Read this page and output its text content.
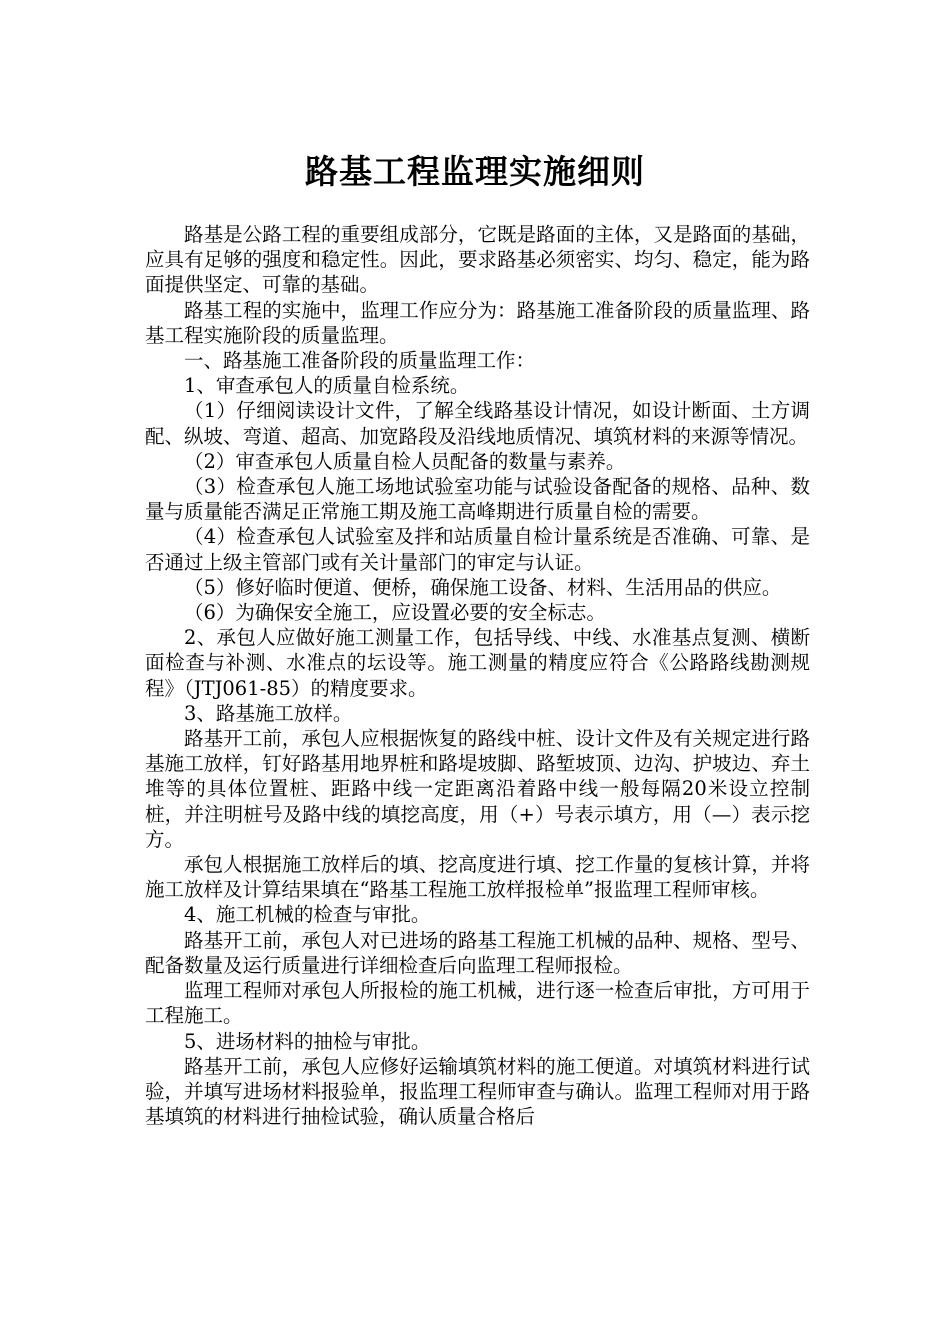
路基工程监理实施细则

路基是公路工程的重要组成部分，它既是路面的主体，又是路面的基础，应具有足够的强度和稳定性。因此，要求路基必须密实、均匀、稳定，能为路面提供坚定、可靠的基础。

路基工程的实施中，监理工作应分为：路基施工准备阶段的质量监理、路基工程实施阶段的质量监理。

一、路基施工准备阶段的质量监理工作：

1、审查承包人的质量自检系统。

（1）仔细阅读设计文件，了解全线路基设计情况，如设计断面、土方调配、纵坡、弯道、超高、加宽路段及沿线地质情况、填筑材料的来源等情况。

（2）审查承包人质量自检人员配备的数量与素养。

（3）检查承包人施工场地试验室功能与试验设备配备的规格、品种、数量与质量能否满足正常施工期及施工高峰期进行质量自检的需要。

（4）检查承包人试验室及拌和站质量自检计量系统是否准确、可靠、是否通过上级主管部门或有关计量部门的审定与认证。

（5）修好临时便道、便桥，确保施工设备、材料、生活用品的供应。

（6）为确保安全施工，应设置必要的安全标志。

2、承包人应做好施工测量工作，包括导线、中线、水准基点复测、横断面检查与补测、水准点的坛设等。施工测量的精度应符合《公路路线勘测规程》（JTJ061-85）的精度要求。

3、路基施工放样。

路基开工前，承包人应根据恢复的路线中桩、设计文件及有关规定进行路基施工放样，钉好路基用地界桩和路堤坡脚、路堑坡顶、边沟、护坡边、弃土堆等的具体位置桩、距路中线一定距离沿着路中线一般每隔20米设立控制桩，并注明桩号及路中线的填挖高度，用（+）号表示填方，用（—）表示挖方。

承包人根据施工放样后的填、挖高度进行填、挖工作量的复核计算，并将施工放样及计算结果填在“路基工程施工放样报检单”报监理工程师审核。

4、施工机械的检查与审批。

路基开工前，承包人对已进场的路基工程施工机械的品种、规格、型号、配备数量及运行质量进行详细检查后向监理工程师报检。

监理工程师对承包人所报检的施工机械，进行逐一检查后审批，方可用于工程施工。

5、进场材料的抽检与审批。

路基开工前，承包人应修好运输填筑材料的施工便道。对填筑材料进行试验，并填写进场材料报验单，报监理工程师审查与确认。监理工程师对用于路基填筑的材料进行抽检试验，确认质量合格后
